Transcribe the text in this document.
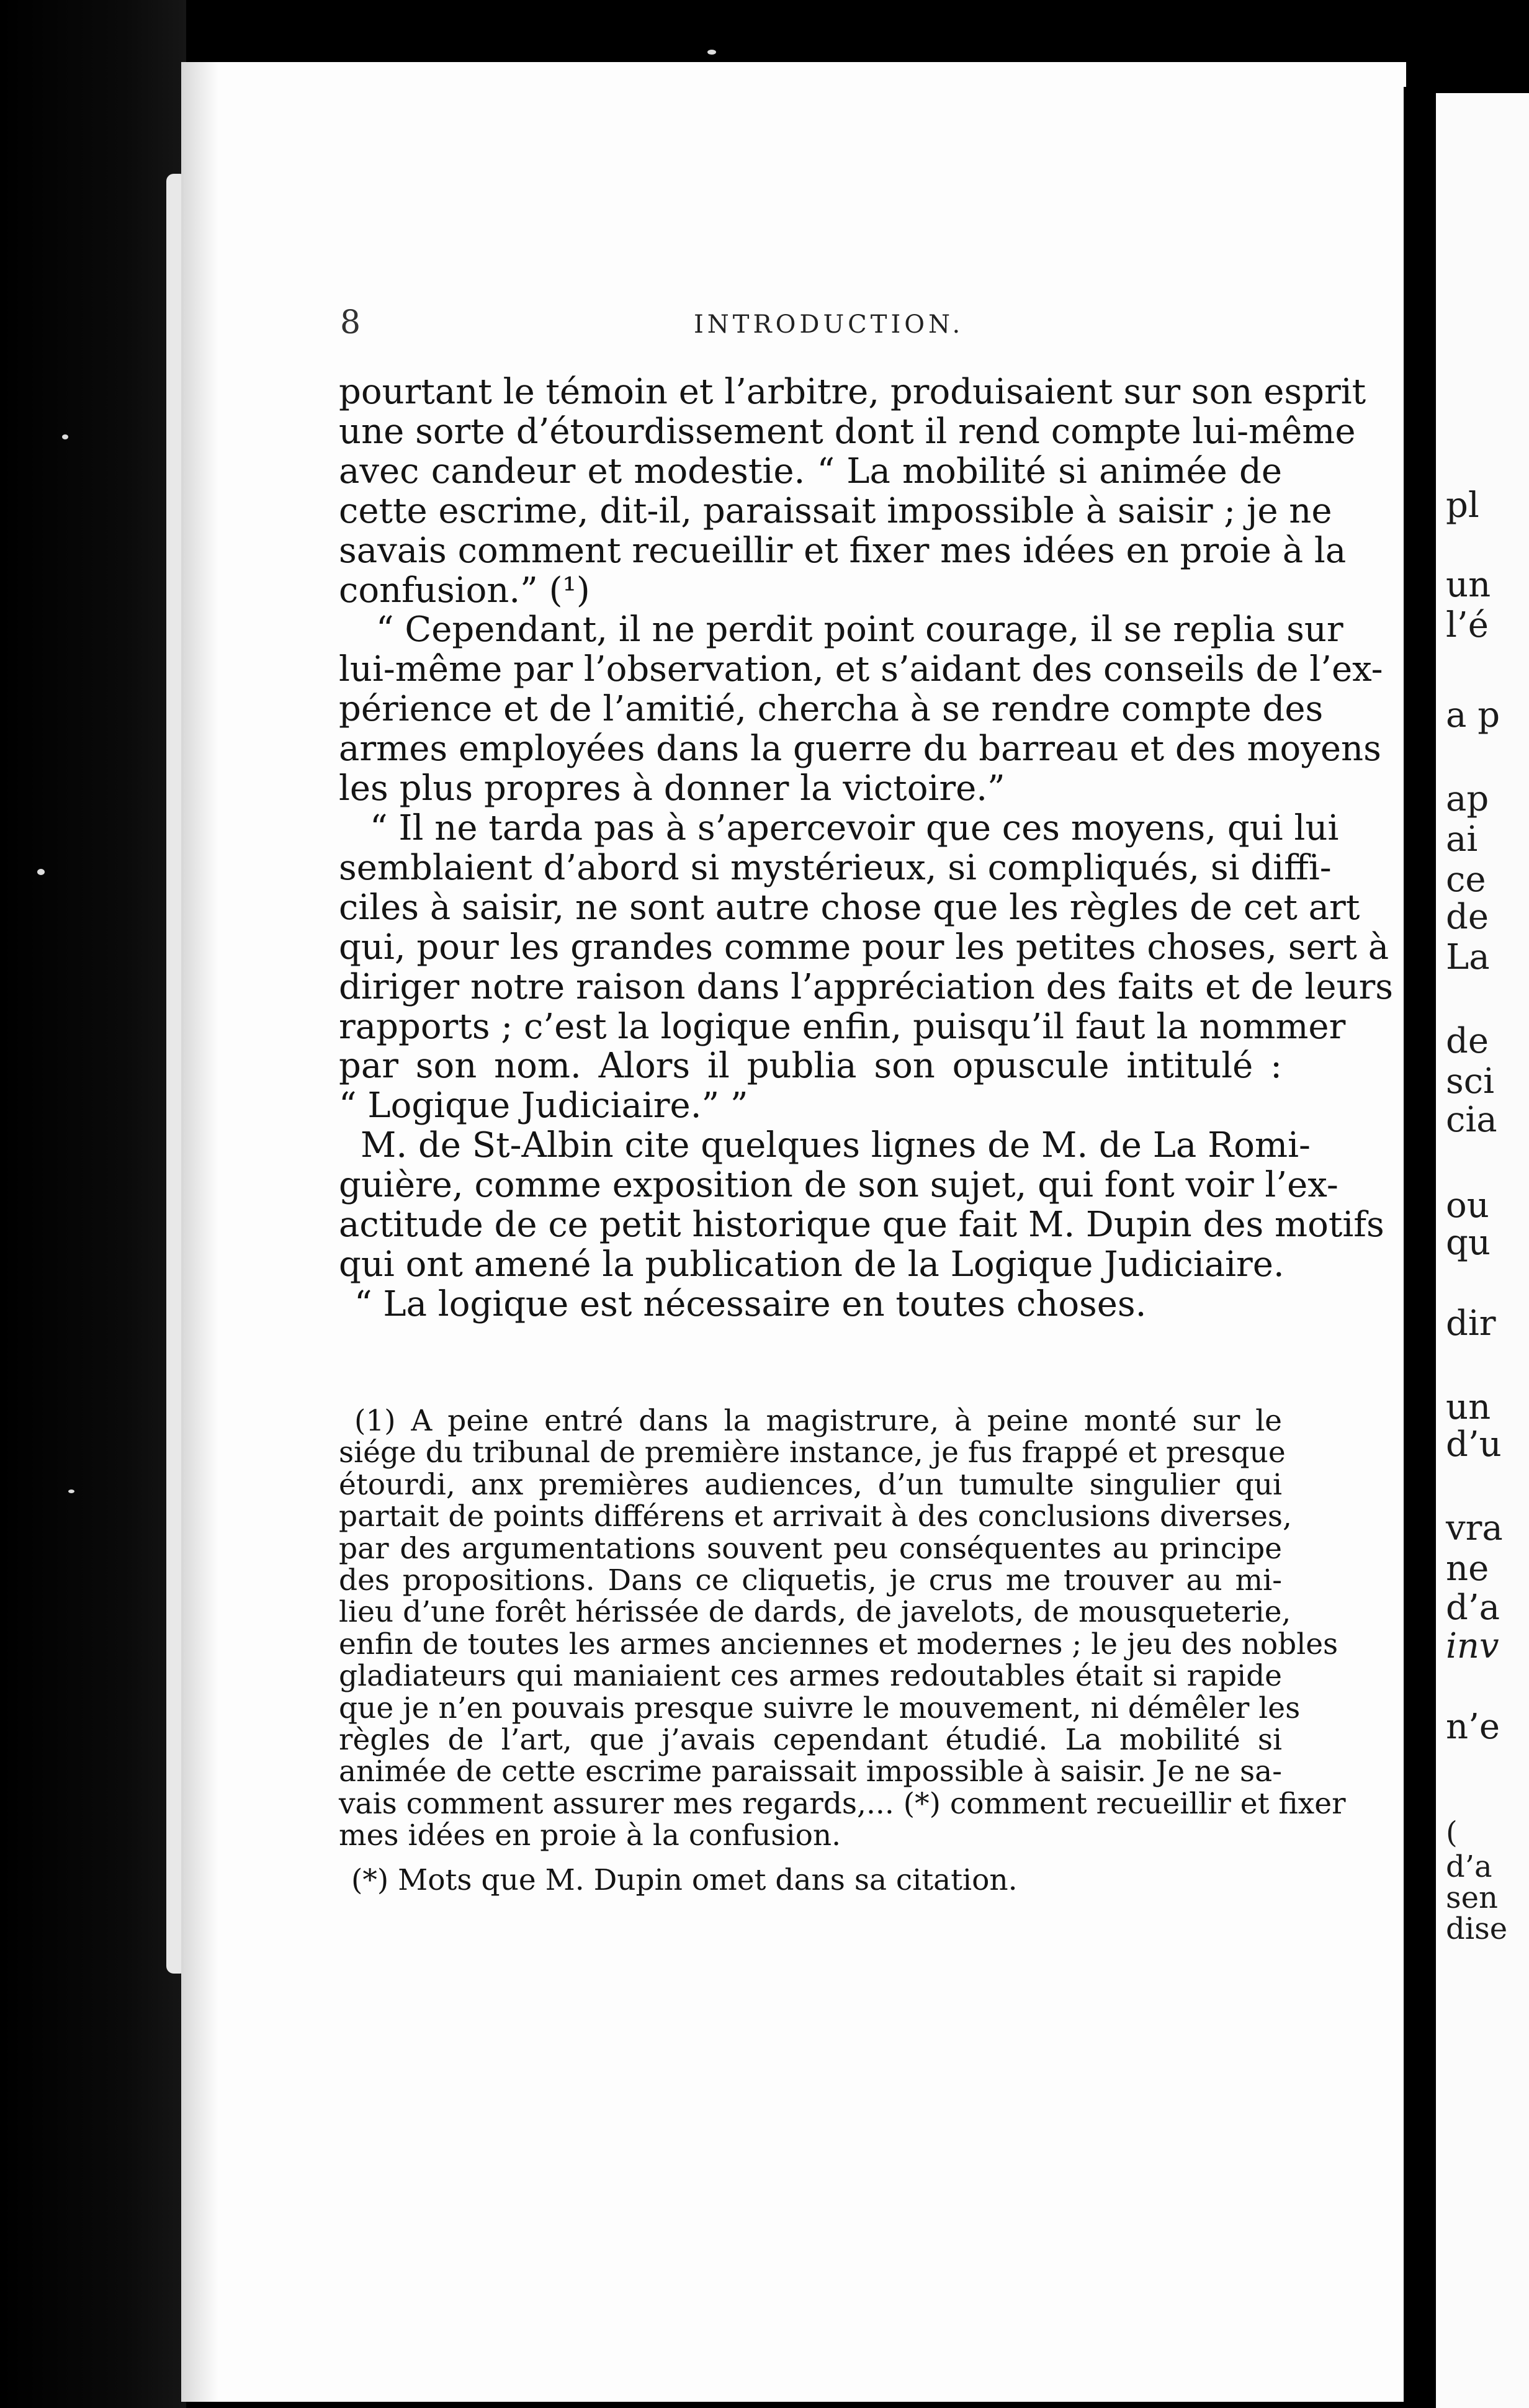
8	INTRODUCTION.
pourtant le témoin et l’arbitre, produisaient sur son esprit
une sorte d’étourdissement dont il rend compte lui-même
avec candeur et modestie. “ La mobilité si animée de
cette escrime, dit-il, paraissait impossible à saisir ; je ne
savais comment recueillir et fixer mes idées en proie à la
confusion.” (¹)
“ Cependant, il ne perdit point courage, il se replia sur
lui-même par l’observation, et s’aidant des conseils de l’ex-
périence et de l’amitié, chercha à se rendre compte des
armes employées dans la guerre du barreau et des moyens
les plus propres à donner la victoire.”
“ Il ne tarda pas à s’apercevoir que ces moyens, qui lui
semblaient d’abord si mystérieux, si compliqués, si diffi-
ciles à saisir, ne sont autre chose que les règles de cet art
qui, pour les grandes comme pour les petites choses, sert à
diriger notre raison dans l’appréciation des faits et de leurs
rapports ; c’est la logique enfin, puisqu’il faut la nommer
par son nom. Alors il publia son opuscule intitulé :
“ Logique Judiciaire.” ”
M. de St-Albin cite quelques lignes de M. de La Romi-
guière, comme exposition de son sujet, qui font voir l’ex-
actitude de ce petit historique que fait M. Dupin des motifs
qui ont amené la publication de la Logique Judiciaire.
“ La logique est nécessaire en toutes choses.
(1) A peine entré dans la magistrure, à peine monté sur le
siége du tribunal de première instance, je fus frappé et presque
étourdi, anx premières audiences, d’un tumulte singulier qui
partait de points différens et arrivait à des conclusions diverses,
par des argumentations souvent peu conséquentes au principe
des propositions. Dans ce cliquetis, je crus me trouver au mi-
lieu d’une forêt hérissée de dards, de javelots, de mousqueterie,
enfin de toutes les armes anciennes et modernes ; le jeu des nobles
gladiateurs qui maniaient ces armes redoutables était si rapide
que je n’en pouvais presque suivre le mouvement, ni démêler les
règles de l’art, que j’avais cependant étudié. La mobilité si
animée de cette escrime paraissait impossible à saisir. Je ne sa-
vais comment assurer mes regards,... (*) comment recueillir et fixer
mes idées en proie à la confusion.
(*) Mots que M. Dupin omet dans sa citation.
pl
un
l’é
a p
ap
ai
ce
de
La
de
sci
cia
ou
qu
dir
un
d’u
vra
ne
d’a
inv
n’e
(
d’a
sen
dise
